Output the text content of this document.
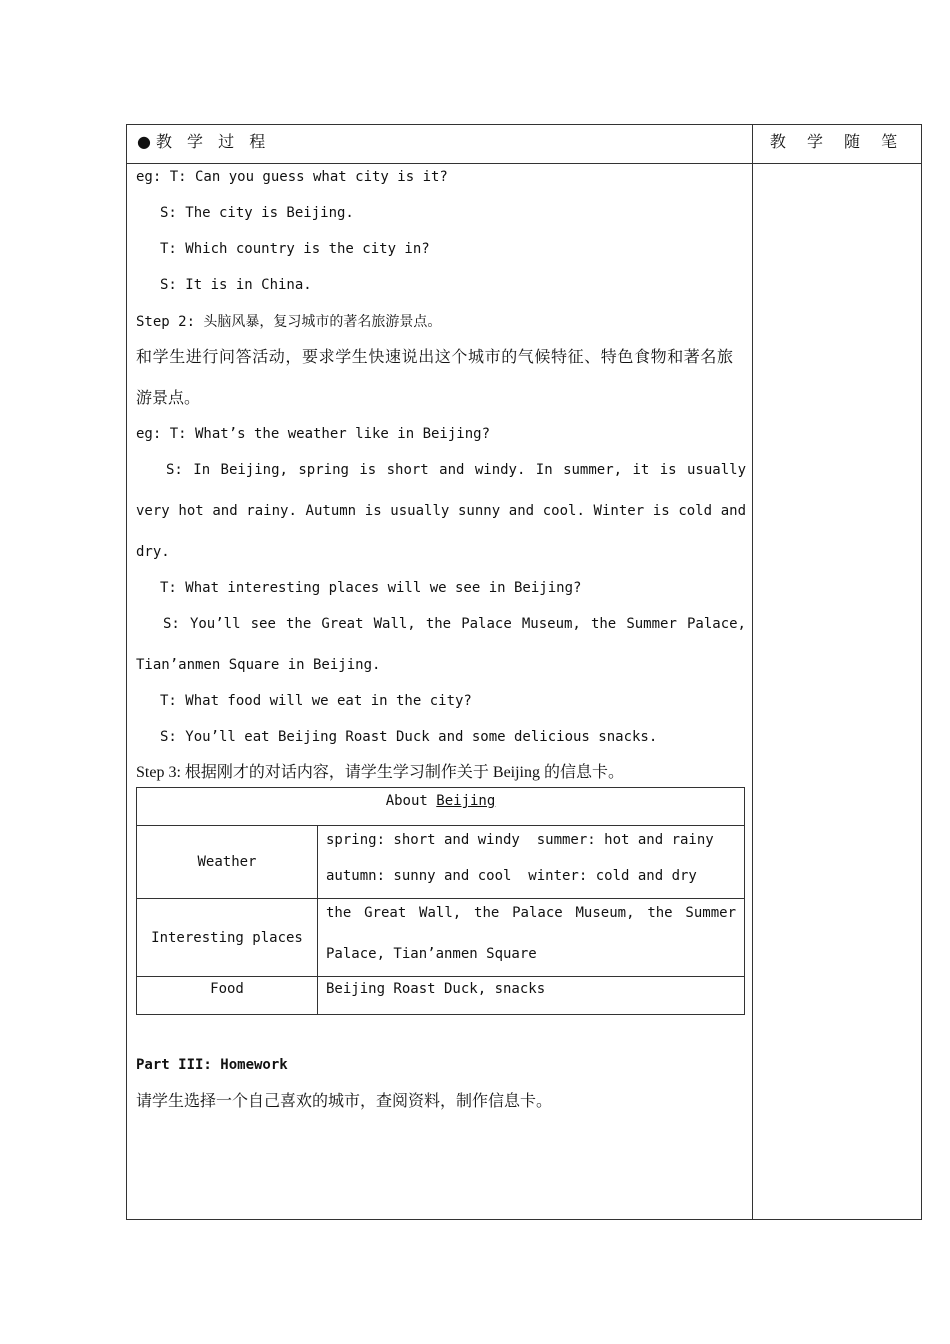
●教 学 过 程	教 学 随 笔
eg: T: Can you guess what city is it?
S: The city is Beijing.
T: Which country is the city in?
S: It is in China.
Step 2: 头脑风暴，复习城市的著名旅游景点。
和学生进行问答活动，要求学生快速说出这个城市的气候特征、特色食物和著名旅
游景点。
eg: T: What’s the weather like in Beijing?
S: In Beijing, spring is short and windy. In summer, it is usually
very hot and rainy. Autumn is usually sunny and cool. Winter is cold and
dry.
T: What interesting places will we see in Beijing?
S: You’ll see the Great Wall, the Palace Museum, the Summer Palace,
Tian’anmen Square in Beijing.
T: What food will we eat in the city?
S: You’ll eat Beijing Roast Duck and some delicious snacks.
Step 3: 根据刚才的对话内容，请学生学习制作关于 Beijing 的信息卡。
About Beijing	
Weather	spring: short and windy  summer: hot and rainy
autumn: sunny and cool  winter: cold and dry

Interesting places	the Great Wall, the Palace Museum, the Summer
Palace, Tian’anmen Square

Food	Beijing Roast Duck, snacks
Part III: Homework
请学生选择一个自己喜欢的城市，查阅资料，制作信息卡。
